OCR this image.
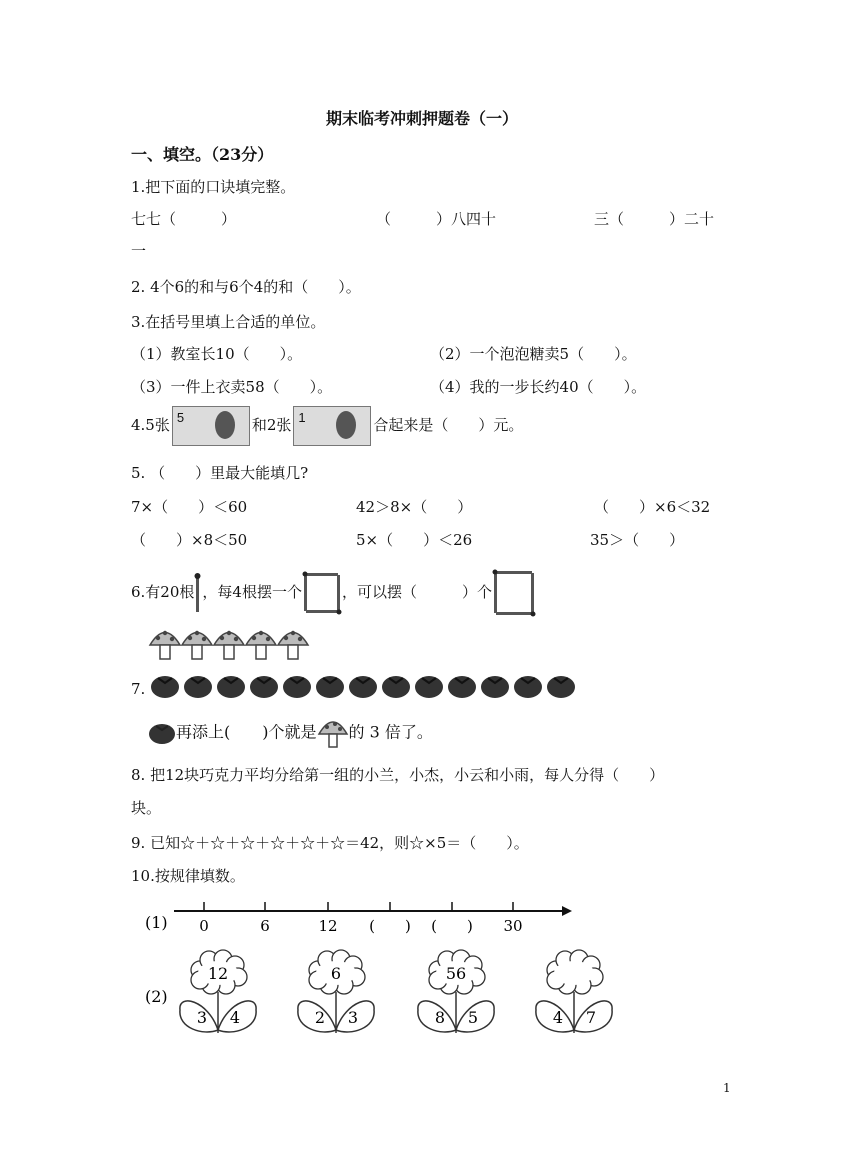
期末临考冲刺押题卷（一）
一、填空。（23分）
1.把下面的口诀填完整。
七七（　　　）	（　　　）八四十	三（　　　）二十
一
2. 4个6的和与6个4的和（　　）。
3.在括号里填上合适的单位。
（1）教室长10（　　）。	（2）一个泡泡糖卖5（　　）。
（3）一件上衣卖58（　　）。	（4）我的一步长约40（　　）。
4.5张 5	和2张 1	合起来是（　　）元。
5. （　　）里最大能填几?
7×（　　）＜60	42＞8×（　　）	（　　）×6＜32
（　　）×8＜50	5×（　　）＜26	35＞（　　）
6.有20根 ，每4根摆一个	，可以摆（　　　）个
7.
再添上(　　)个就是 的 3 倍了。
8. 把12块巧克力平均分给第一组的小兰，小杰，小云和小雨，每人分得（　　）
块。
9. 已知☆＋☆＋☆＋☆＋☆＋☆＝42，则☆×5＝（　　）。
10.按规律填数。
(1) 0	6	12 (　　) (　　) 30
(2)
12
3 4
6
2 3
56
8 5	4 7
1
